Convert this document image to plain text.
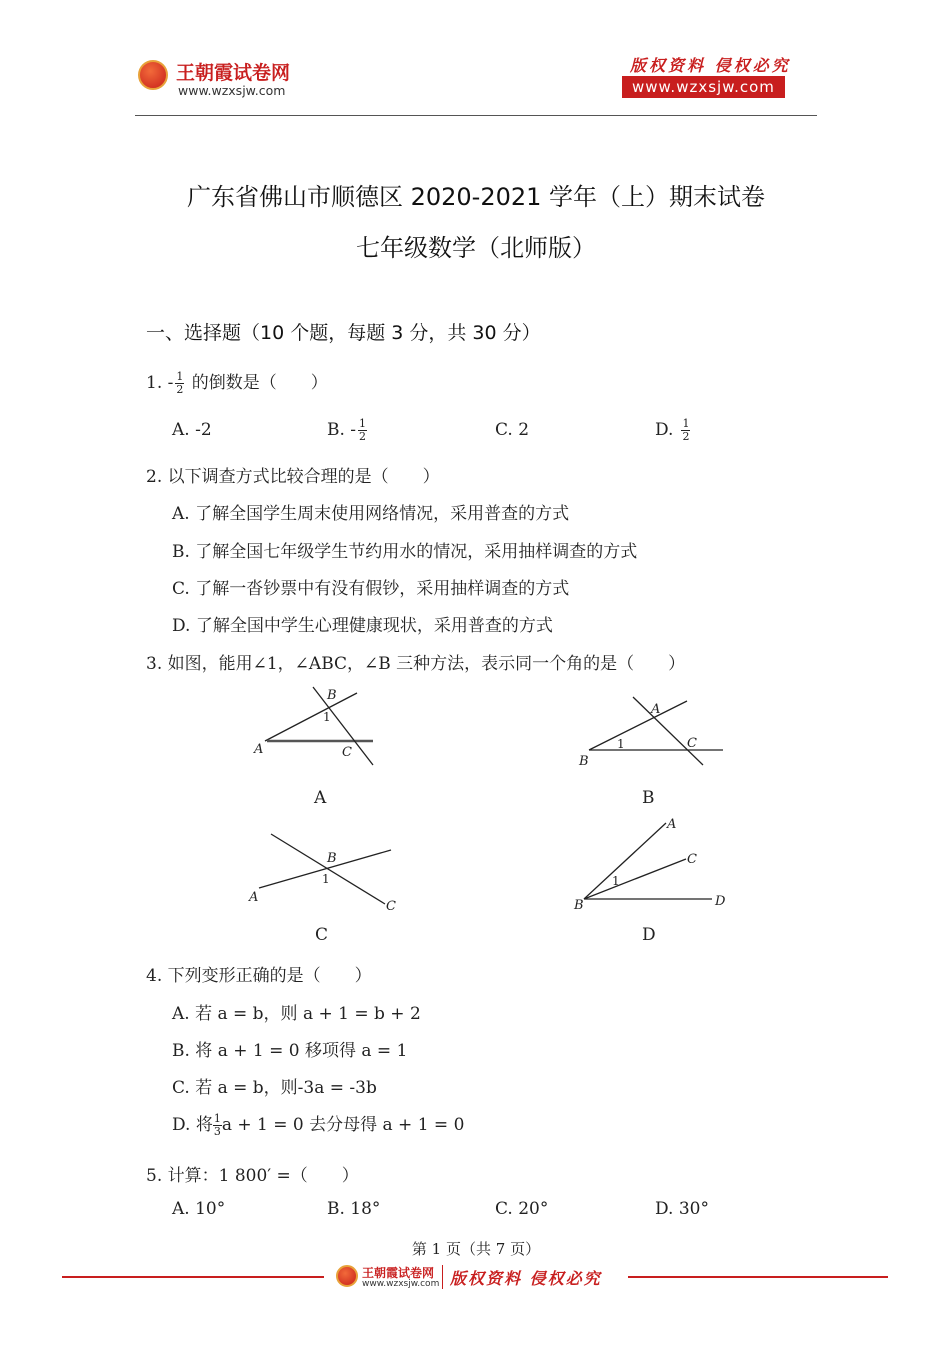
王朝霞试卷网
www.wzxsjw.com
版权资料 侵权必究
www.wzxsjw.com
广东省佛山市顺德区 2020-2021 学年（上）期末试卷
七年级数学（北师版）
一、选择题（10 个题，每题 3 分，共 30 分）
1. - $\frac{1}{2}$ 的倒数是（　　）
A. -2	B. - $\frac{1}{2}$	C. 2	D. $\frac{1}{2}$
2. 以下调查方式比较合理的是（　　）
A. 了解全国学生周末使用网络情况，采用普查的方式
B. 了解全国七年级学生节约用水的情况，采用抽样调查的方式
C. 了解一沓钞票中有没有假钞，采用抽样调查的方式
D. 了解全国中学生心理健康现状，采用普查的方式
3. 如图，能用∠1，∠ABC，∠B 三种方法，表示同一个角的是（　　）
A
B
C
1
A
B
A
C
1
B
A
B
C
1
C
B
A
C
D
1
D
4. 下列变形正确的是（　　）
A. 若 a = b，则 a + 1 = b + 2
B. 将 a + 1 = 0 移项得 a = 1
C. 若 a = b，则-3a = -3b
D. 将 $\frac{1}{3}$ a + 1 = 0 去分母得 a + 1 = 0
5. 计算：1 800′ =（　　）
A. 10°	B. 18°	C. 20°	D. 30°
第 1 页（共 7 页）
王朝霞试卷网
www.wzxsjw.com 版权资料 侵权必究
